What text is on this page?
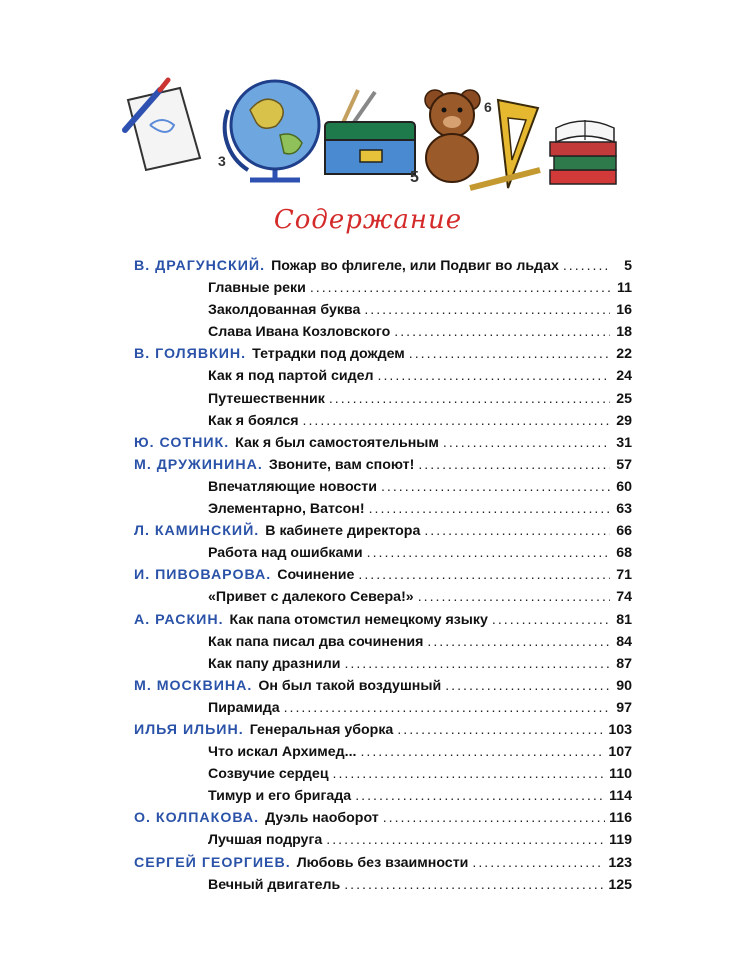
3
5
6
Содержание
В. ДРАГУНСКИЙ. Пожар во флигеле, или Подвиг во льдах .....	5
Главные реки .....	11
Заколдованная буква .....	16
Слава Ивана Козловского .....	18
В. ГОЛЯВКИН. Тетрадки под дождем .....	22
Как я под партой сидел .....	24
Путешественник .....	25
Как я боялся .....	29
Ю. СОТНИК. Как я был самостоятельным .....	31
М. ДРУЖИНИНА. Звоните, вам споют! .....	57
Впечатляющие новости .....	60
Элементарно, Ватсон! .....	63
Л. КАМИНСКИЙ. В кабинете директора .....	66
Работа над ошибками .....	68
И. ПИВОВАРОВА. Сочинение .....	71
«Привет с далекого Севера!» .....	74
А. РАСКИН. Как папа отомстил немецкому языку .....	81
Как папа писал два сочинения .....	84
Как папу дразнили .....	87
М. МОСКВИНА. Он был такой воздушный .....	90
Пирамида .....	97
ИЛЬЯ ИЛЬИН. Генеральная уборка .....	103
Что искал Архимед... .....	107
Созвучие сердец .....	110
Тимур и его бригада .....	114
О. КОЛПАКОВА. Дуэль наоборот .....	116
Лучшая подруга .....	119
СЕРГЕЙ ГЕОРГИЕВ. Любовь без взаимности .....	123
Вечный двигатель .....	125
